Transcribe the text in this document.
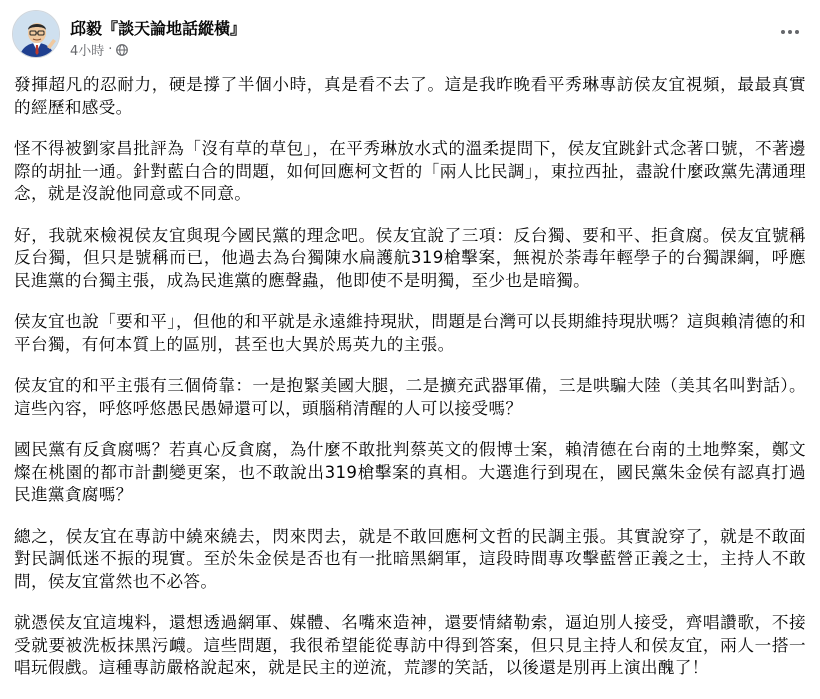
邱毅『談天論地話縱橫』
4小時 ·

發揮超凡的忍耐力，硬是撐了半個小時，真是看不去了。這是我昨晚看平秀琳專訪侯友宜視頻，最最真實的經歷和感受。

怪不得被劉家昌批評為「沒有草的草包」，在平秀琳放水式的溫柔提問下，侯友宜跳針式念著口號，不著邊際的胡扯一通。針對藍白合的問題，如何回應柯文哲的「兩人比民調」，東拉西扯，盡說什麼政黨先溝通理念，就是沒說他同意或不同意。

好，我就來檢視侯友宜與現今國民黨的理念吧。侯友宜說了三項：反台獨、要和平、拒貪腐。侯友宜號稱反台獨，但只是號稱而已，他過去為台獨陳水扁護航319槍擊案，無視於荼毒年輕學子的台獨課綱，呼應民進黨的台獨主張，成為民進黨的應聲蟲，他即使不是明獨，至少也是暗獨。

侯友宜也說「要和平」，但他的和平就是永遠維持現狀，問題是台灣可以長期維持現狀嗎？這與賴清德的和平台獨，有何本質上的區別，甚至也大異於馬英九的主張。

侯友宜的和平主張有三個倚靠：一是抱緊美國大腿，二是擴充武器軍備，三是哄騙大陸（美其名叫對話）。這些內容，呼悠呼悠愚民愚婦還可以，頭腦稍清醒的人可以接受嗎？

國民黨有反貪腐嗎？若真心反貪腐，為什麼不敢批判蔡英文的假博士案，賴清德在台南的土地弊案，鄭文燦在桃園的都市計劃變更案，也不敢說出319槍擊案的真相。大選進行到現在，國民黨朱金侯有認真打過民進黨貪腐嗎？

總之，侯友宜在專訪中繞來繞去，閃來閃去，就是不敢回應柯文哲的民調主張。其實說穿了，就是不敢面對民調低迷不振的現實。至於朱金侯是否也有一批暗黑網軍，這段時間專攻擊藍營正義之士，主持人不敢問，侯友宜當然也不必答。

就憑侯友宜這塊料，還想透過網軍、媒體、名嘴來造神，還要情緒勒索，逼迫別人接受，齊唱讚歌，不接受就要被洗板抹黑污衊。這些問題，我很希望能從專訪中得到答案，但只見主持人和侯友宜，兩人一搭一唱玩假戲。這種專訪嚴格說起來，就是民主的逆流，荒謬的笑話，以後還是別再上演出醜了！
